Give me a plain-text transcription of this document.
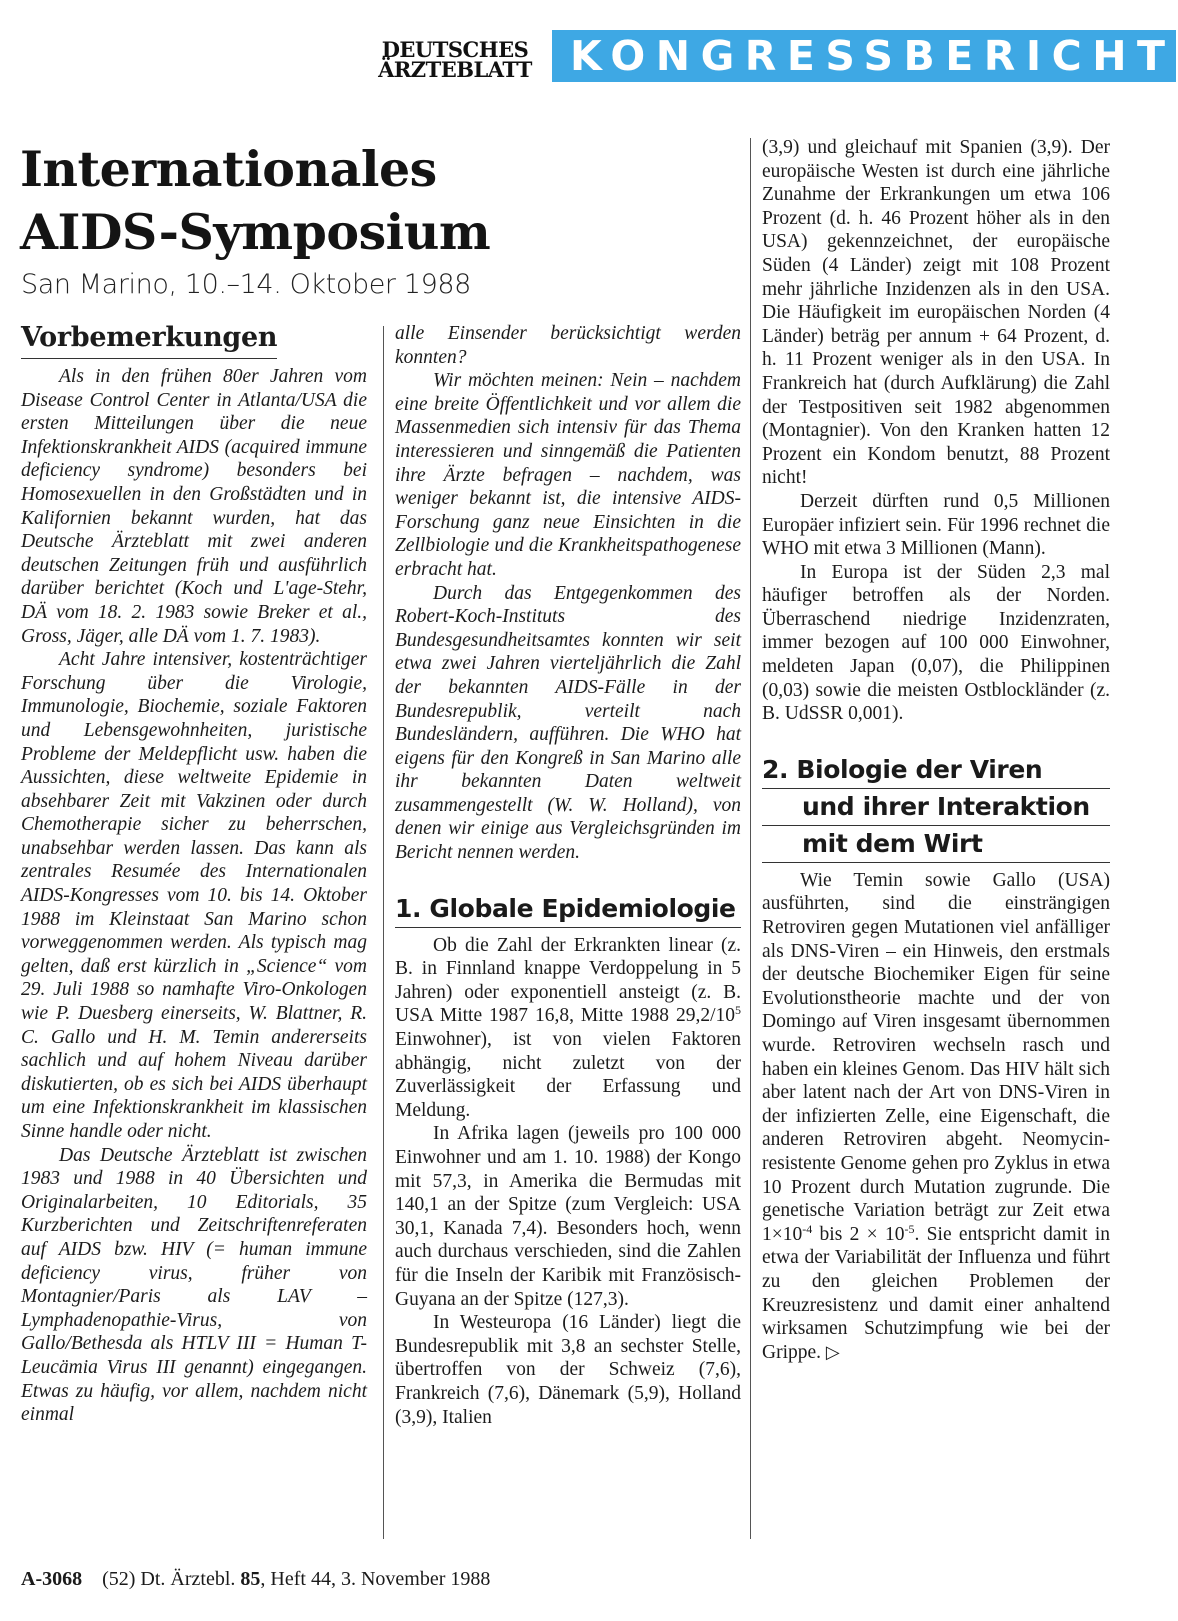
DEUTSCHES
ÄRZTEBLATT KONGRESSBERICHT
Internationales
AIDS-Symposium
San Marino, 10.–14. Oktober 1988
Vorbemerkungen

Als in den frühen 80er Jahren vom Disease Control Center in Atlanta/USA die ersten Mitteilungen über die neue Infektionskrankheit AIDS (acquired immune deficiency syndrome) besonders bei Homosexuellen in den Großstädten und in Kalifornien bekannt wurden, hat das Deutsche Ärzteblatt mit zwei anderen deutschen Zeitungen früh und ausführlich darüber berichtet (Koch und L'age-Stehr, DÄ vom 18. 2. 1983 sowie Breker et al., Gross, Jäger, alle DÄ vom 1. 7. 1983).

Acht Jahre intensiver, kostenträchtiger Forschung über die Virologie, Immunologie, Biochemie, soziale Faktoren und Lebensgewohnheiten, juristische Probleme der Meldepflicht usw. haben die Aussichten, diese weltweite Epidemie in absehbarer Zeit mit Vakzinen oder durch Chemotherapie sicher zu beherrschen, unabsehbar werden lassen. Das kann als zentrales Resumée des Internationalen AIDS-Kongresses vom 10. bis 14. Oktober 1988 im Kleinstaat San Marino schon vorweggenommen werden. Als typisch mag gelten, daß erst kürzlich in „Science“ vom 29. Juli 1988 so namhafte Viro-Onkologen wie P. Duesberg einerseits, W. Blattner, R. C. Gallo und H. M. Temin andererseits sachlich und auf hohem Niveau darüber diskutierten, ob es sich bei AIDS überhaupt um eine Infektionskrankheit im klassischen Sinne handle oder nicht.

Das Deutsche Ärzteblatt ist zwischen 1983 und 1988 in 40 Übersichten und Originalarbeiten, 10 Editorials, 35 Kurzberichten und Zeitschriftenreferaten auf AIDS bzw. HIV (= human immune deficiency virus, früher von Montagnier/Paris als LAV – Lymphadenopathie-Virus, von Gallo/Bethesda als HTLV III = Human T-Leucämia Virus III genannt) eingegangen. Etwas zu häufig, vor allem, nachdem nicht einmal

alle Einsender berücksichtigt werden konnten?

Wir möchten meinen: Nein – nachdem eine breite Öffentlichkeit und vor allem die Massenmedien sich intensiv für das Thema interessieren und sinngemäß die Patienten ihre Ärzte befragen – nachdem, was weniger bekannt ist, die intensive AIDS-Forschung ganz neue Einsichten in die Zellbiologie und die Krankheitspathogenese erbracht hat.

Durch das Entgegenkommen des Robert-Koch-Instituts des Bundesgesundheitsamtes konnten wir seit etwa zwei Jahren vierteljährlich die Zahl der bekannten AIDS-Fälle in der Bundesrepublik, verteilt nach Bundesländern, aufführen. Die WHO hat eigens für den Kongreß in San Marino alle ihr bekannten Daten weltweit zusammengestellt (W. W. Holland), von denen wir einige aus Vergleichsgründen im Bericht nennen werden.

1. Globale Epidemiologie

Ob die Zahl der Erkrankten linear (z. B. in Finnland knappe Verdoppelung in 5 Jahren) oder exponentiell ansteigt (z. B. USA Mitte 1987 16,8, Mitte 1988 $29,2/10^5$ Einwohner), ist von vielen Faktoren abhängig, nicht zuletzt von der Zuverlässigkeit der Erfassung und Meldung.

In Afrika lagen (jeweils pro 100 000 Einwohner und am 1. 10. 1988) der Kongo mit 57,3, in Amerika die Bermudas mit 140,1 an der Spitze (zum Vergleich: USA 30,1, Kanada 7,4). Besonders hoch, wenn auch durchaus verschieden, sind die Zahlen für die Inseln der Karibik mit Französisch-Guyana an der Spitze (127,3).

In Westeuropa (16 Länder) liegt die Bundesrepublik mit 3,8 an sechster Stelle, übertroffen von der Schweiz (7,6), Frankreich (7,6), Dänemark (5,9), Holland (3,9), Italien

(3,9) und gleichauf mit Spanien (3,9). Der europäische Westen ist durch eine jährliche Zunahme der Erkrankungen um etwa 106 Prozent (d. h. 46 Prozent höher als in den USA) gekennzeichnet, der europäische Süden (4 Länder) zeigt mit 108 Prozent mehr jährliche Inzidenzen als in den USA. Die Häufigkeit im europäischen Norden (4 Länder) beträg per annum + 64 Prozent, d. h. 11 Prozent weniger als in den USA. In Frankreich hat (durch Aufklärung) die Zahl der Testpositiven seit 1982 abgenommen (Montagnier). Von den Kranken hatten 12 Prozent ein Kondom benutzt, 88 Prozent nicht!

Derzeit dürften rund 0,5 Millionen Europäer infiziert sein. Für 1996 rechnet die WHO mit etwa 3 Millionen (Mann).

In Europa ist der Süden 2,3 mal häufiger betroffen als der Norden. Überraschend niedrige Inzidenzraten, immer bezogen auf 100 000 Einwohner, meldeten Japan (0,07), die Philippinen (0,03) sowie die meisten Ostblockländer (z. B. UdSSR 0,001).

2. Biologie der Viren
und ihrer Interaktion
mit dem Wirt

Wie Temin sowie Gallo (USA) ausführten, sind die einsträngigen Retroviren gegen Mutationen viel anfälliger als DNS-Viren – ein Hinweis, den erstmals der deutsche Biochemiker Eigen für seine Evolutionstheorie machte und der von Domingo auf Viren insgesamt übernommen wurde. Retroviren wechseln rasch und haben ein kleines Genom. Das HIV hält sich aber latent nach der Art von DNS-Viren in der infizierten Zelle, eine Eigenschaft, die anderen Retroviren abgeht. Neomycin-resistente Genome gehen pro Zyklus in etwa 10 Prozent durch Mutation zugrunde. Die genetische Variation beträgt zur Zeit etwa $1\times 10^{-4}$ bis $2 \times 10^{-5}$. Sie entspricht damit in etwa der Variabilität der Influenza und führt zu den gleichen Problemen der Kreuzresistenz und damit einer anhaltend wirksamen Schutzimpfung wie bei der Grippe. ▷

A-3068 (52) Dt. Ärztebl. 85, Heft 44, 3. November 1988
